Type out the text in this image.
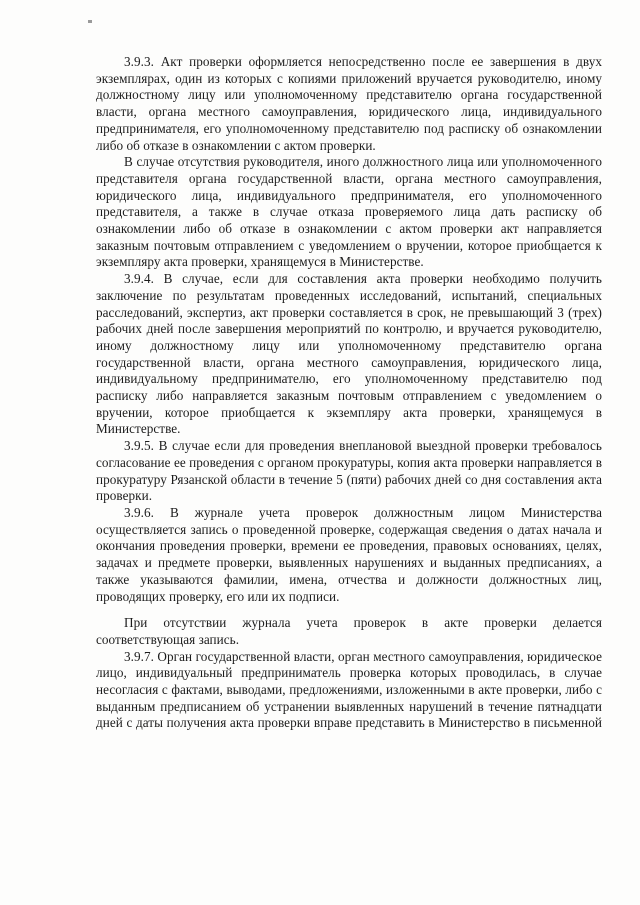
3.9.3. Акт проверки оформляется непосредственно после ее завершения в двух экземплярах, один из которых с копиями приложений вручается руководителю, иному должностному лицу или уполномоченному представителю органа государственной власти, органа местного самоуправления, юридического лица, индивидуального предпринимателя, его уполномоченному представителю под расписку об ознакомлении либо об отказе в ознакомлении с актом проверки.

В случае отсутствия руководителя, иного должностного лица или уполномоченного представителя органа государственной власти, органа местного самоуправления, юридического лица, индивидуального предпринимателя, его уполномоченного представителя, а также в случае отказа проверяемого лица дать расписку об ознакомлении либо об отказе в ознакомлении с актом проверки акт направляется заказным почтовым отправлением с уведомлением о вручении, которое приобщается к экземпляру акта проверки, хранящемуся в Министерстве.

3.9.4. В случае, если для составления акта проверки необходимо получить заключение по результатам проведенных исследований, испытаний, специальных расследований, экспертиз, акт проверки составляется в срок, не превышающий 3 (трех) рабочих дней после завершения мероприятий по контролю, и вручается руководителю, иному должностному лицу или уполномоченному представителю органа государственной власти, органа местного самоуправления, юридического лица, индивидуальному предпринимателю, его уполномоченному представителю под расписку либо направляется заказным почтовым отправлением с уведомлением о вручении, которое приобщается к экземпляру акта проверки, хранящемуся в Министерстве.

3.9.5. В случае если для проведения внеплановой выездной проверки требовалось согласование ее проведения с органом прокуратуры, копия акта проверки направляется в прокуратуру Рязанской области в течение 5 (пяти) рабочих дней со дня составления акта проверки.

3.9.6. В журнале учета проверок должностным лицом Министерства осуществляется запись о проведенной проверке, содержащая сведения о датах начала и окончания проведения проверки, времени ее проведения, правовых основаниях, целях, задачах и предмете проверки, выявленных нарушениях и выданных предписаниях, а также указываются фамилии, имена, отчества и должности должностных лиц, проводящих проверку, его или их подписи.

При отсутствии журнала учета проверок в акте проверки делается соответствующая запись.

3.9.7. Орган государственной власти, орган местного самоуправления, юридическое лицо, индивидуальный предприниматель проверка которых проводилась, в случае несогласия с фактами, выводами, предложениями, изложенными в акте проверки, либо с выданным предписанием об устранении выявленных нарушений в течение пятнадцати дней с даты получения акта проверки вправе представить в Министерство в письменной
